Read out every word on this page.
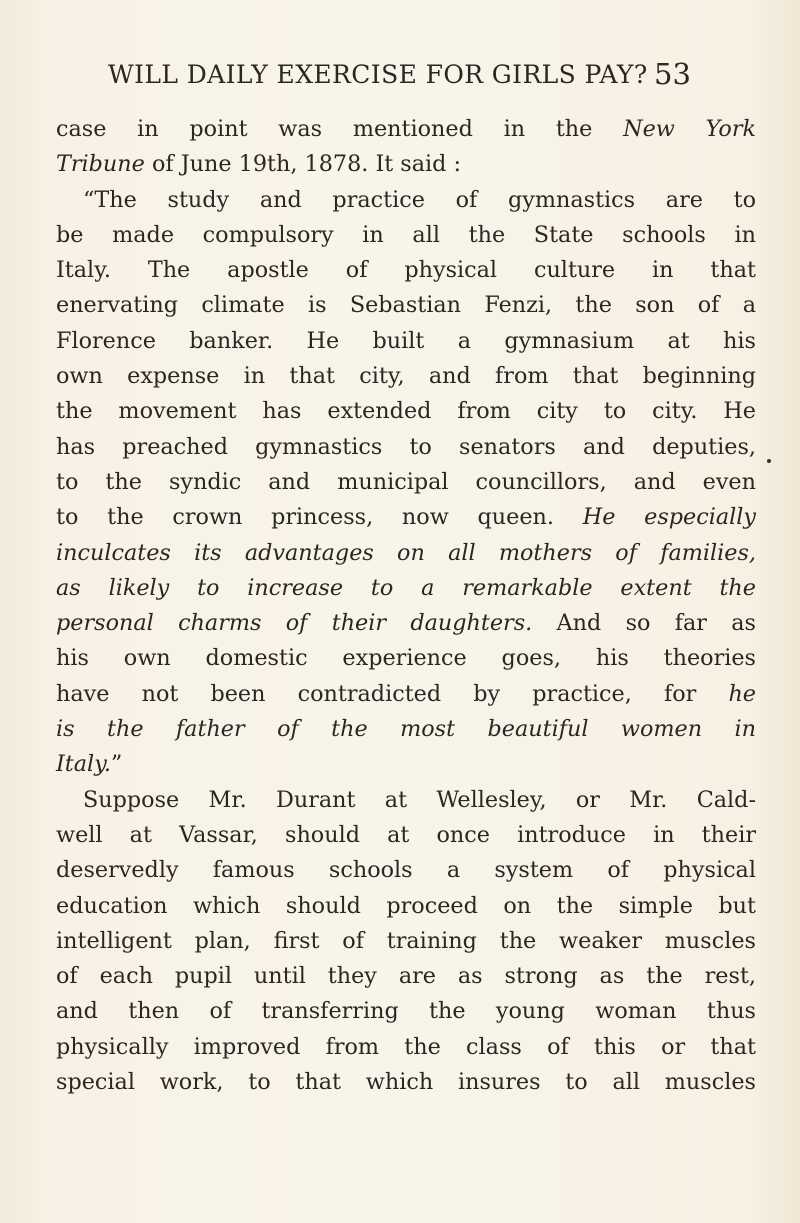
WILL DAILY EXERCISE FOR GIRLS PAY? 53
case in point was mentioned in the New York
Tribune of June 19th, 1878. It said :
“The study and practice of gymnastics are to
be made compulsory in all the State schools in
Italy. The apostle of physical culture in that
enervating climate is Sebastian Fenzi, the son of a
Florence banker. He built a gymnasium at his
own expense in that city, and from that beginning
the movement has extended from city to city. He
has preached gymnastics to senators and deputies,
to the syndic and municipal councillors, and even
to the crown princess, now queen. He especially
inculcates its advantages on all mothers of families,
as likely to increase to a remarkable extent the
personal charms of their daughters. And so far as
his own domestic experience goes, his theories
have not been contradicted by practice, for he
is the father of the most beautiful women in
Italy.”
Suppose Mr. Durant at Wellesley, or Mr. Cald-
well at Vassar, should at once introduce in their
deservedly famous schools a system of physical
education which should proceed on the simple but
intelligent plan, first of training the weaker muscles
of each pupil until they are as strong as the rest,
and then of transferring the young woman thus
physically improved from the class of this or that
special work, to that which insures to all muscles
